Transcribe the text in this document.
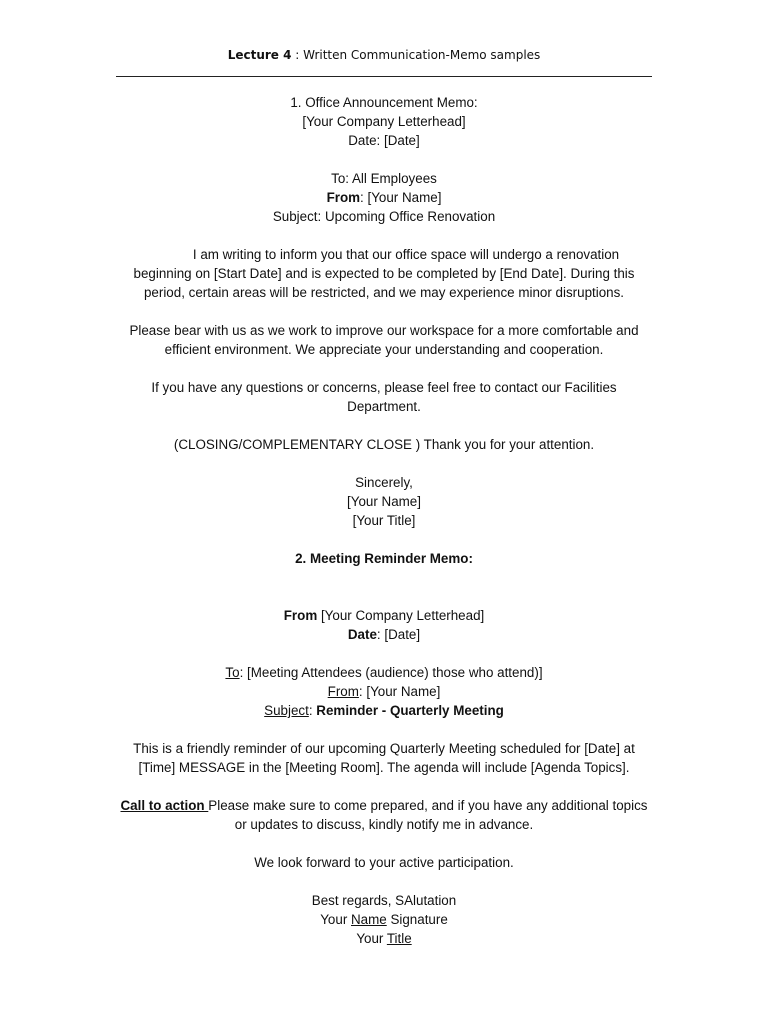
Lecture 4 : Written Communication-Memo samples

1. Office Announcement Memo:

[Your Company Letterhead]

Date: [Date]

To: All Employees

From: [Your Name]

Subject: Upcoming Office Renovation

I am writing to inform you that our office space will undergo a renovation beginning on [Start Date] and is expected to be completed by [End Date]. During this period, certain areas will be restricted, and we may experience minor disruptions.

Please bear with us as we work to improve our workspace for a more comfortable and efficient environment. We appreciate your understanding and cooperation.

If you have any questions or concerns, please feel free to contact our Facilities Department.

(CLOSING/COMPLEMENTARY CLOSE ) Thank you for your attention.

Sincerely,

[Your Name]

[Your Title]

2. Meeting Reminder Memo:

From [Your Company Letterhead]

Date: [Date]

To: [Meeting Attendees (audience) those who attend)]

From: [Your Name]

Subject: Reminder - Quarterly Meeting

This is a friendly reminder of our upcoming Quarterly Meeting scheduled for [Date] at [Time] MESSAGE in the [Meeting Room]. The agenda will include [Agenda Topics].

Call to action Please make sure to come prepared, and if you have any additional topics or updates to discuss, kindly notify me in advance.

We look forward to your active participation.

Best regards, SAlutation

Your Name Signature

Your Title
